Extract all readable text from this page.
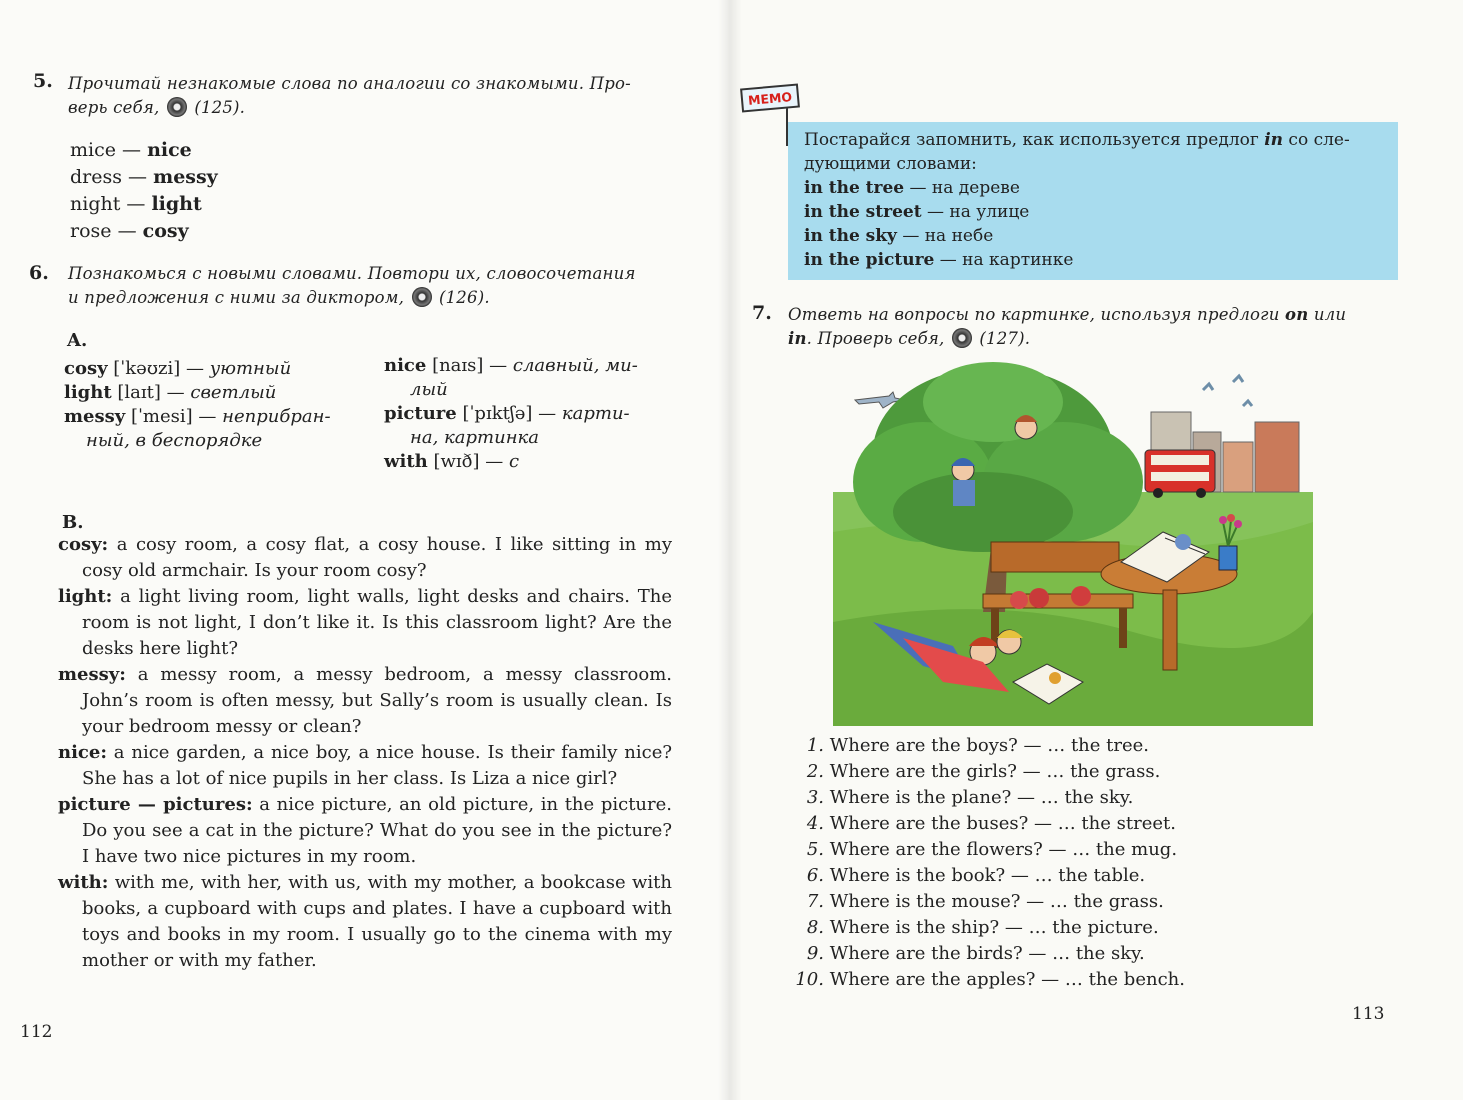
5. Прочитай незнакомые слова по аналогии со знакомыми. Про-
верь себя, (125).
mice — nice
dress — messy
night — light
rose — cosy
6. Познакомься с новыми словами. Повтори их, словосочетания
и предложения с ними за диктором, (126).
A.
cosy [ˈkəʊzi] — уютный
light [laɪt] — светлый
messy [ˈmesi] — неприбран-
ный, в беспорядке
nice [naɪs] — славный, ми-
лый
picture [ˈpɪktʃə] — карти-
на, картинка
with [wɪð] — с
B.
cosy: a cosy room, a cosy flat, a cosy house. I like sitting in my cosy old armchair. Is your room cosy?
light: a light living room, light walls, light desks and chairs. The room is not light, I don’t like it. Is this classroom light? Are the desks here light?
messy: a messy room, a messy bedroom, a messy classroom. John’s room is often messy, but Sally’s room is usually clean. Is your bedroom messy or clean?
nice: a nice garden, a nice boy, a nice house. Is their family nice? She has a lot of nice pupils in her class. Is Liza a nice girl?
picture — pictures: a nice picture, an old picture, in the picture. Do you see a cat in the picture? What do you see in the picture? I have two nice pictures in my room.
with: with me, with her, with us, with my mother, a bookcase with books, a cupboard with cups and plates. I have a cupboard with toys and books in my room. I usually go to the cinema with my mother or with my father.
112
MEMO
Постарайся запомнить, как используется предлог in со сле-
дующими словами:
in the tree — на дереве
in the street — на улице
in the sky — на небе
in the picture — на картинке
7. Ответь на вопросы по картинке, используя предлоги on или
in. Проверь себя, (127).
1. Where are the boys? — … the tree.
2. Where are the girls? — … the grass.
3. Where is the plane? — … the sky.
4. Where are the buses? — … the street.
5. Where are the flowers? — … the mug.
6. Where is the book? — … the table.
7. Where is the mouse? — … the grass.
8. Where is the ship? — … the picture.
9. Where are the birds? — … the sky.
10. Where are the apples? — … the bench.
113
